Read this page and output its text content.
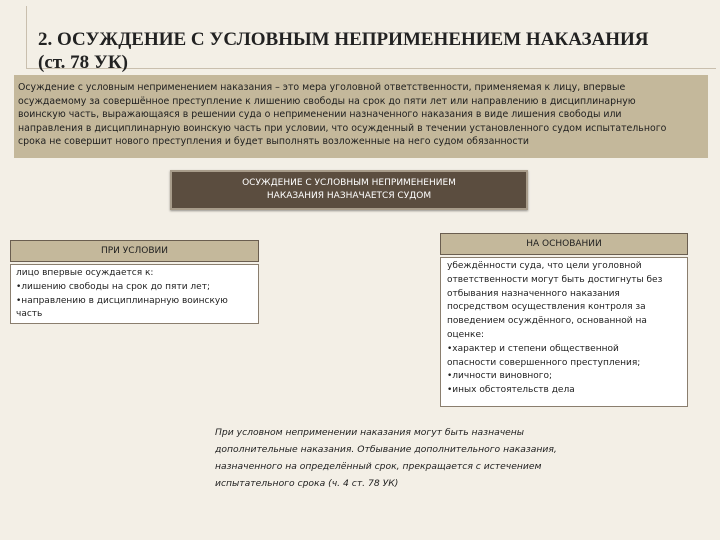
2. ОСУЖДЕНИЕ С УСЛОВНЫМ НЕПРИМЕНЕНИЕМ НАКАЗАНИЯ
(ст. 78 УК)
Осуждение с условным неприменением наказания – это мера уголовной ответственности, применяемая к лицу, впервые
осуждаемому за совершённое преступление к лишению свободы на срок до пяти лет или направлению в дисциплинарную
воинскую часть, выражающаяся в решении суда о неприменении назначенного наказания в виде лишения свободы или
направления в дисциплинарную воинскую часть при условии, что осужденный в течении установленного судом испытательного
срока не совершит нового преступления и будет выполнять возложенные на него судом обязанности
ОСУЖДЕНИЕ С УСЛОВНЫМ НЕПРИМЕНЕНИЕМ
НАКАЗАНИЯ НАЗНАЧАЕТСЯ СУДОМ
ПРИ УСЛОВИИ
лицо впервые осуждается к:
•лишению свободы на срок до пяти лет;
•направлению в дисциплинарную воинскую
часть
НА ОСНОВАНИИ
убеждённости суда, что цели уголовной
ответственности могут быть достигнуты без
отбывания назначенного наказания
посредством осуществления контроля за
поведением осуждённого, основанной на
оценке:
•характер и степени общественной
опасности совершенного преступления;
•личности виновного;
•иных обстоятельств дела
При условном неприменении наказания могут быть назначены
дополнительные наказания. Отбывание дополнительного наказания,
назначенного на определённый срок, прекращается с истечением
испытательного срока (ч. 4 ст. 78 УК)
